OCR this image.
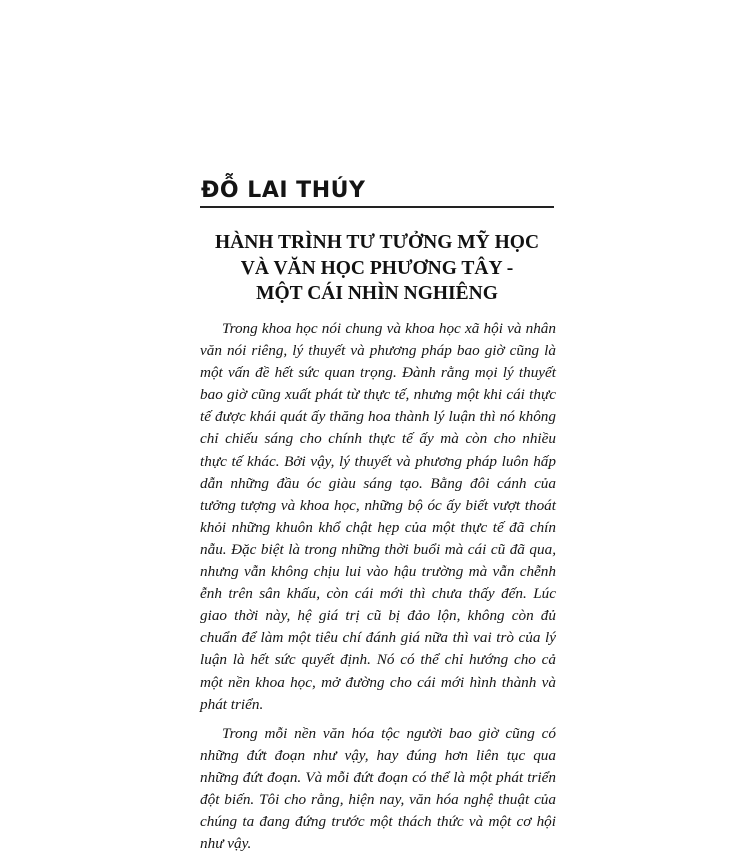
ĐỖ LAI THÚY
HÀNH TRÌNH TƯ TƯỞNG MỸ HỌC
VÀ VĂN HỌC PHƯƠNG TÂY -
MỘT CÁI NHÌN NGHIÊNG

Trong khoa học nói chung và khoa học xã hội và nhân văn nói riêng, lý thuyết và phương pháp bao giờ cũng là một vấn đề hết sức quan trọng. Đành rằng mọi lý thuyết bao giờ cũng xuất phát từ thực tế, nhưng một khi cái thực tế được khái quát ấy thăng hoa thành lý luận thì nó không chỉ chiếu sáng cho chính thực tế ấy mà còn cho nhiều thực tế khác. Bởi vậy, lý thuyết và phương pháp luôn hấp dẫn những đầu óc giàu sáng tạo. Bằng đôi cánh của tưởng tượng và khoa học, những bộ óc ấy biết vượt thoát khỏi những khuôn khổ chật hẹp của một thực tế đã chín nẫu. Đặc biệt là trong những thời buổi mà cái cũ đã qua, nhưng vẫn không chịu lui vào hậu trường mà vẫn chễnh ễnh trên sân khấu, còn cái mới thì chưa thấy đến. Lúc giao thời này, hệ giá trị cũ bị đảo lộn, không còn đủ chuẩn để làm một tiêu chí đánh giá nữa thì vai trò của lý luận là hết sức quyết định. Nó có thể chỉ hướng cho cả một nền khoa học, mở đường cho cái mới hình thành và phát triển.

Trong mỗi nền văn hóa tộc người bao giờ cũng có những đứt đoạn như vậy, hay đúng hơn liên tục qua những đứt đoạn. Và mỗi đứt đoạn có thể là một phát triển đột biến. Tôi cho rằng, hiện nay, văn hóa nghệ thuật của chúng ta đang đứng trước một thách thức và một cơ hội như vậy.
